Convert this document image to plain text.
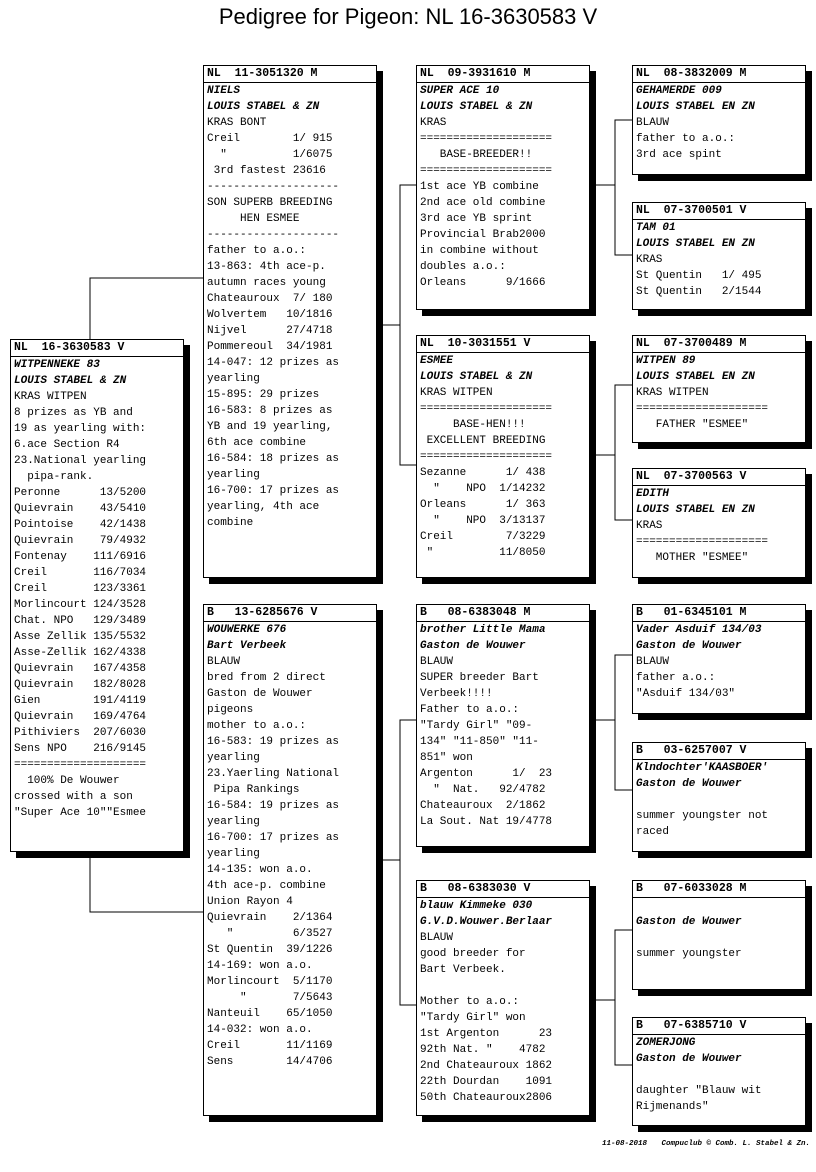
Pedigree for Pigeon: NL 16-3630583 V
NL  16-3630583 V
WITPENNEKE 83
LOUIS STABEL & ZN
KRAS WITPEN
8 prizes as YB and
19 as yearling with:
6.ace Section R4
23.National yearling
pipa-rank.
Peronne      13/5200
Quievrain    43/5410
Pointoise    42/1438
Quievrain    79/4932
Fontenay    111/6916
Creil       116/7034
Creil       123/3361
Morlincourt 124/3528
Chat. NPO   129/3489
Asse Zellik 135/5532
Asse-Zellik 162/4338
Quievrain   167/4358
Quievrain   182/8028
Gien        191/4119
Quievrain   169/4764
Pithiviers  207/6030
Sens NPO    216/9145
====================
100% De Wouwer
crossed with a son
"Super Ace 10""Esmee
NL  11-3051320 M
NIELS
LOUIS STABEL & ZN
KRAS BONT
Creil        1/ 915
"          1/6075
3rd fastest 23616
--------------------
SON SUPERB BREEDING
HEN ESMEE
--------------------
father to a.o.:
13-863: 4th ace-p.
autumn races young
Chateauroux  7/ 180
Wolvertem   10/1816
Nijvel      27/4718
Pommereoul  34/1981
14-047: 12 prizes as
yearling
15-895: 29 prizes
16-583: 8 prizes as
YB and 19 yearling,
6th ace combine
16-584: 18 prizes as
yearling
16-700: 17 prizes as
yearling, 4th ace
combine
B   13-6285676 V
WOUWERKE 676
Bart Verbeek
BLAUW
bred from 2 direct
Gaston de Wouwer
pigeons
mother to a.o.:
16-583: 19 prizes as
yearling
23.Yaerling National
Pipa Rankings
16-584: 19 prizes as
yearling
16-700: 17 prizes as
yearling
14-135: won a.o.
4th ace-p. combine
Union Rayon 4
Quievrain    2/1364
"         6/3527
St Quentin  39/1226
14-169: won a.o.
Morlincourt  5/1170
"       7/5643
Nanteuil    65/1050
14-032: won a.o.
Creil       11/1169
Sens        14/4706
NL  09-3931610 M
SUPER ACE 10
LOUIS STABEL & ZN
KRAS
====================
BASE-BREEDER!!
====================
1st ace YB combine
2nd ace old combine
3rd ace YB sprint
Provincial Brab2000
in combine without
doubles a.o.:
Orleans      9/1666
NL  10-3031551 V
ESMEE
LOUIS STABEL & ZN
KRAS WITPEN
====================
BASE-HEN!!!
EXCELLENT BREEDING
====================
Sezanne      1/ 438
"    NPO  1/14232
Orleans      1/ 363
"    NPO  3/13137
Creil        7/3229
"          11/8050
B   08-6383048 M
brother Little Mama
Gaston de Wouwer
BLAUW
SUPER breeder Bart
Verbeek!!!!
Father to a.o.:
"Tardy Girl" "09-
134" "11-850" "11-
851" won
Argenton      1/  23
"  Nat.   92/4782
Chateauroux  2/1862
La Sout. Nat 19/4778
B   08-6383030 V
blauw Kimmeke 030
G.V.D.Wouwer.Berlaar
BLAUW
good breeder for
Bart Verbeek.
Mother to a.o.:
"Tardy Girl" won
1st Argenton      23
92th Nat. "    4782
2nd Chateauroux 1862
22th Dourdan    1091
50th Chateauroux2806
NL  08-3832009 M
GEHAMERDE 009
LOUIS STABEL EN ZN
BLAUW
father to a.o.:
3rd ace spint
NL  07-3700501 V
TAM 01
LOUIS STABEL EN ZN
KRAS
St Quentin   1/ 495
St Quentin   2/1544
NL  07-3700489 M
WITPEN 89
LOUIS STABEL EN ZN
KRAS WITPEN
====================
FATHER "ESMEE"
NL  07-3700563 V
EDITH
LOUIS STABEL EN ZN
KRAS
====================
MOTHER "ESMEE"
B   01-6345101 M
Vader Asduif 134/03
Gaston de Wouwer
BLAUW
father a.o.:
"Asduif 134/03"
B   03-6257007 V
Klndochter'KAASBOER'
Gaston de Wouwer
summer youngster not
raced
B   07-6033028 M
Gaston de Wouwer
summer youngster
B   07-6385710 V
ZOMERJONG
Gaston de Wouwer
daughter "Blauw wit
Rijmenands"
11-08-2018 Compuclub © Comb. L. Stabel & Zn.
